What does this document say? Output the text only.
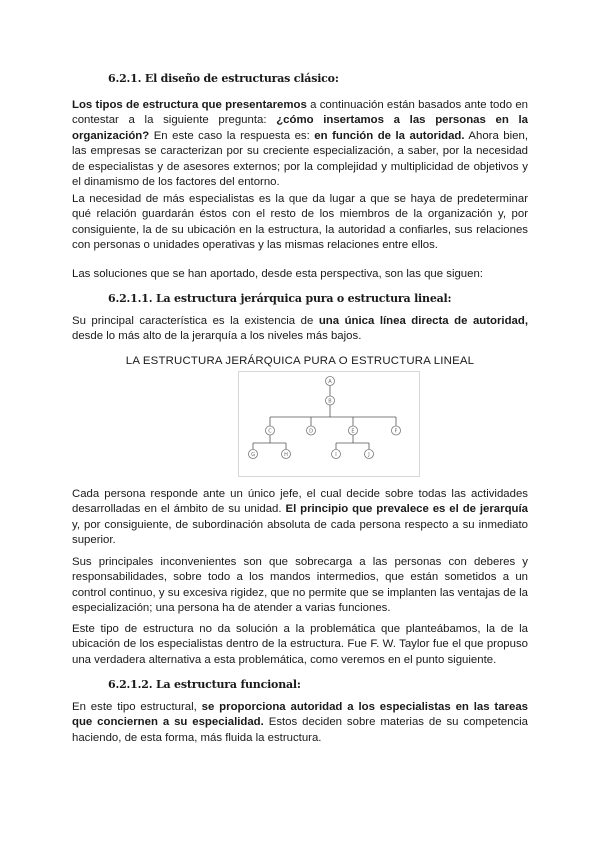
6.2.1. El diseño de estructuras clásico:

Los tipos de estructura que presentaremos a continuación están basados ante todo en contestar a la siguiente pregunta: ¿cómo insertamos a las personas en la organización? En este caso la respuesta es: en función de la autoridad. Ahora bien, las empresas se caracterizan por su creciente especialización, a saber, por la necesidad de especialistas y de asesores externos; por la complejidad y multiplicidad de objetivos y el dinamismo de los factores del entorno.

La necesidad de más especialistas es la que da lugar a que se haya de predeterminar qué relación guardarán éstos con el resto de los miembros de la organización y, por consiguiente, la de su ubicación en la estructura, la autoridad a confiarles, sus relaciones con personas o unidades operativas y las mismas relaciones entre ellos.

Las soluciones que se han aportado, desde esta perspectiva, son las que siguen:

6.2.1.1. La estructura jerárquica pura o estructura lineal:

Su principal característica es la existencia de una única línea directa de autoridad, desde lo más alto de la jerarquía a los niveles más bajos.

LA ESTRUCTURA JERÁRQUICA PURA O ESTRUCTURA LINEAL
A
B
C	D	E	F
G	H	I	J

Cada persona responde ante un único jefe, el cual decide sobre todas las actividades desarrolladas en el ámbito de su unidad. El principio que prevalece es el de jerarquía y, por consiguiente, de subordinación absoluta de cada persona respecto a su inmediato superior.

Sus principales inconvenientes son que sobrecarga a las personas con deberes y responsabilidades, sobre todo a los mandos intermedios, que están sometidos a un control continuo, y su excesiva rigidez, que no permite que se implanten las ventajas de la especialización; una persona ha de atender a varias funciones.

Este tipo de estructura no da solución a la problemática que planteábamos, la de la ubicación de los especialistas dentro de la estructura. Fue F. W. Taylor fue el que propuso una verdadera alternativa a esta problemática, como veremos en el punto siguiente.

6.2.1.2. La estructura funcional:

En este tipo estructural, se proporciona autoridad a los especialistas en las tareas que conciernen a su especialidad. Estos deciden sobre materias de su competencia haciendo, de esta forma, más fluida la estructura.
